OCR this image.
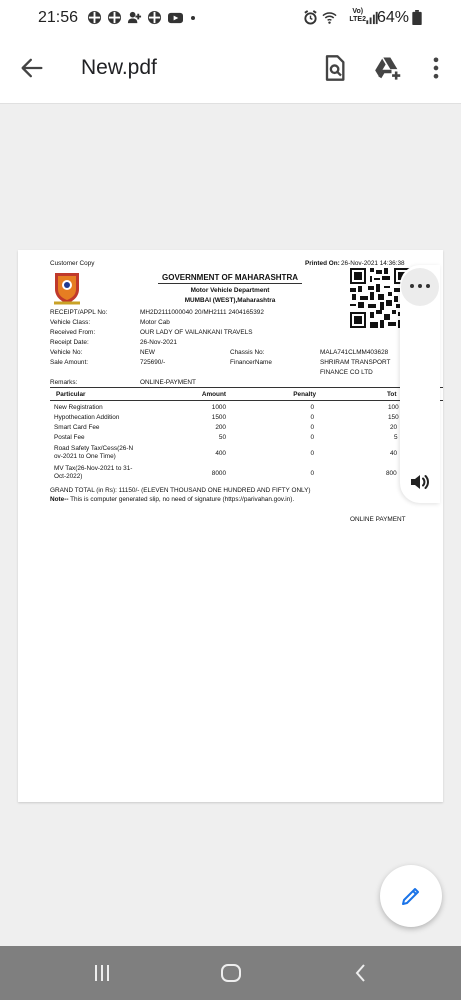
21:56	Vo)
LTE2 64%
New.pdf
Customer Copy	Printed On: 26-Nov-2021 14:36:38
GOVERNMENT OF MAHARASHTRA
Motor Vehicle Department
MUMBAI (WEST),Maharashtra
RECEIPT/APPL No:	MH2D2111000040 20/MH2111 2404165392
Vehicle Class:	Motor Cab
Received From:	OUR LADY OF VAILANKANI TRAVELS
Receipt Date:	26-Nov-2021
Vehicle No:	NEW
Sale Amount:	725690/-
Chassis No:	MALA741CLMM403628
FinancerName	SHRIRAM TRANSPORT
FINANCE CO LTD
Remarks:	ONLINE-PAYMENT
Particular	Amount	Penalty	Tot
New Registration	1000	0	100
Hypothecation Addition	1500	0	150
Smart Card Fee	200	0	20
Postal Fee	50	0	5
Road Safety Tax/Cess(26-N ov-2021 to One Time)	400	0	40
MV Tax(26-Nov-2021 to 31- Oct-2022)	8000	0	800
GRAND TOTAL (in Rs): 11150/- (ELEVEN THOUSAND ONE HUNDRED AND FIFTY ONLY)
Note-- This is computer generated slip, no need of signature (https://parivahan.gov.in).
ONLINE PAYMENT
